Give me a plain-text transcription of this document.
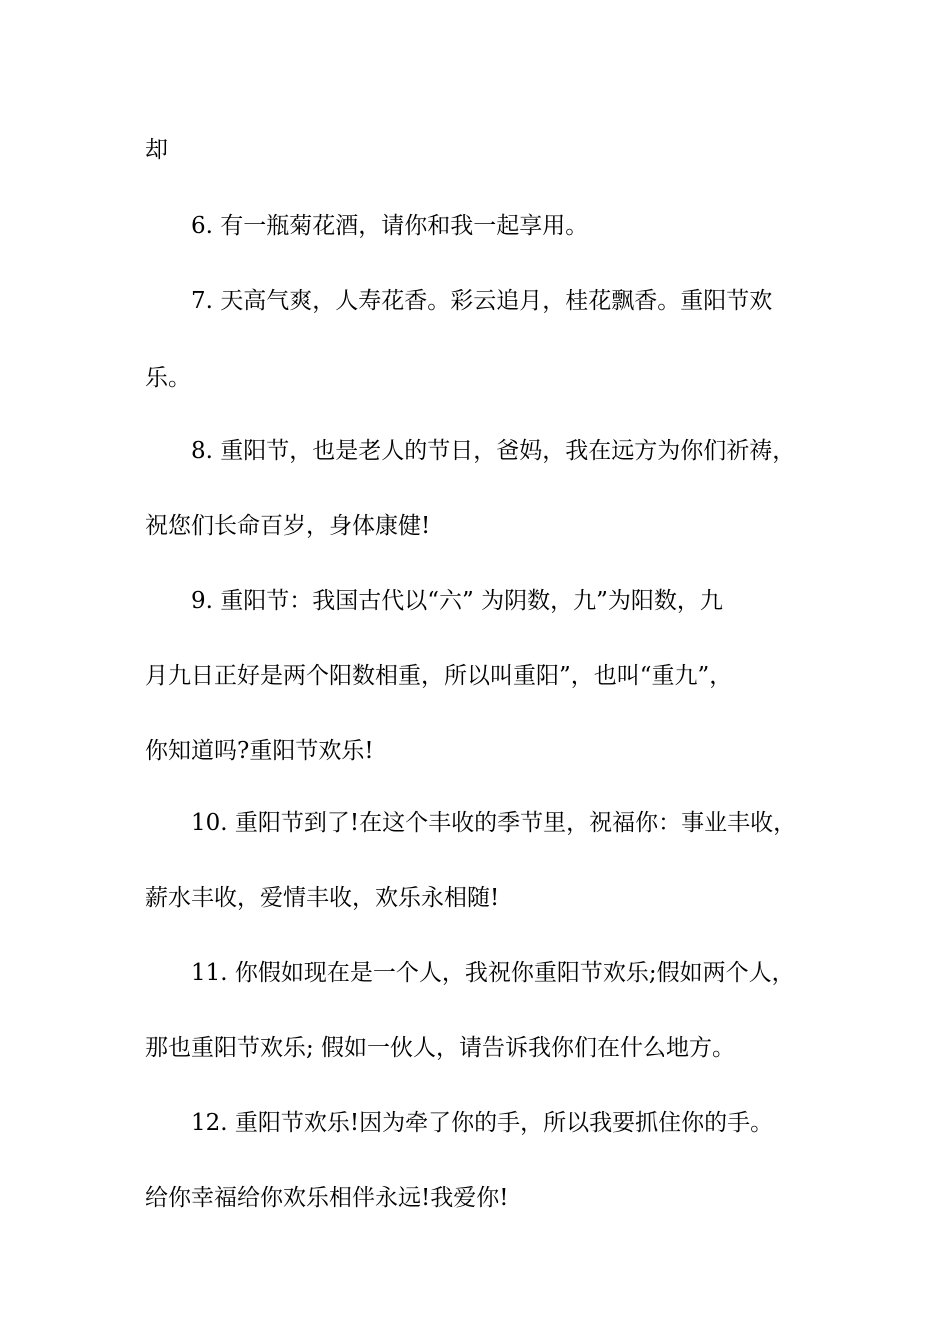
却
6. 有一瓶菊花酒，请你和我一起享用。
7. 天高气爽，人寿花香。彩云追月，桂花飘香。重阳节欢
乐。
8. 重阳节，也是老人的节日，爸妈，我在远方为你们祈祷，
祝您们长命百岁，身体康健!
9. 重阳节：我国古代以“六” 为阴数，九”为阳数，九
月九日正好是两个阳数相重，所以叫重阳”，也叫“重九”，
你知道吗?重阳节欢乐!
10. 重阳节到了!在这个丰收的季节里，祝福你：事业丰收，
薪水丰收，爱情丰收，欢乐永相随!
11. 你假如现在是一个人，我祝你重阳节欢乐;假如两个人，
那也重阳节欢乐; 假如一伙人，请告诉我你们在什么地方。
12. 重阳节欢乐!因为牵了你的手，所以我要抓住你的手。
给你幸福给你欢乐相伴永远!我爱你!
